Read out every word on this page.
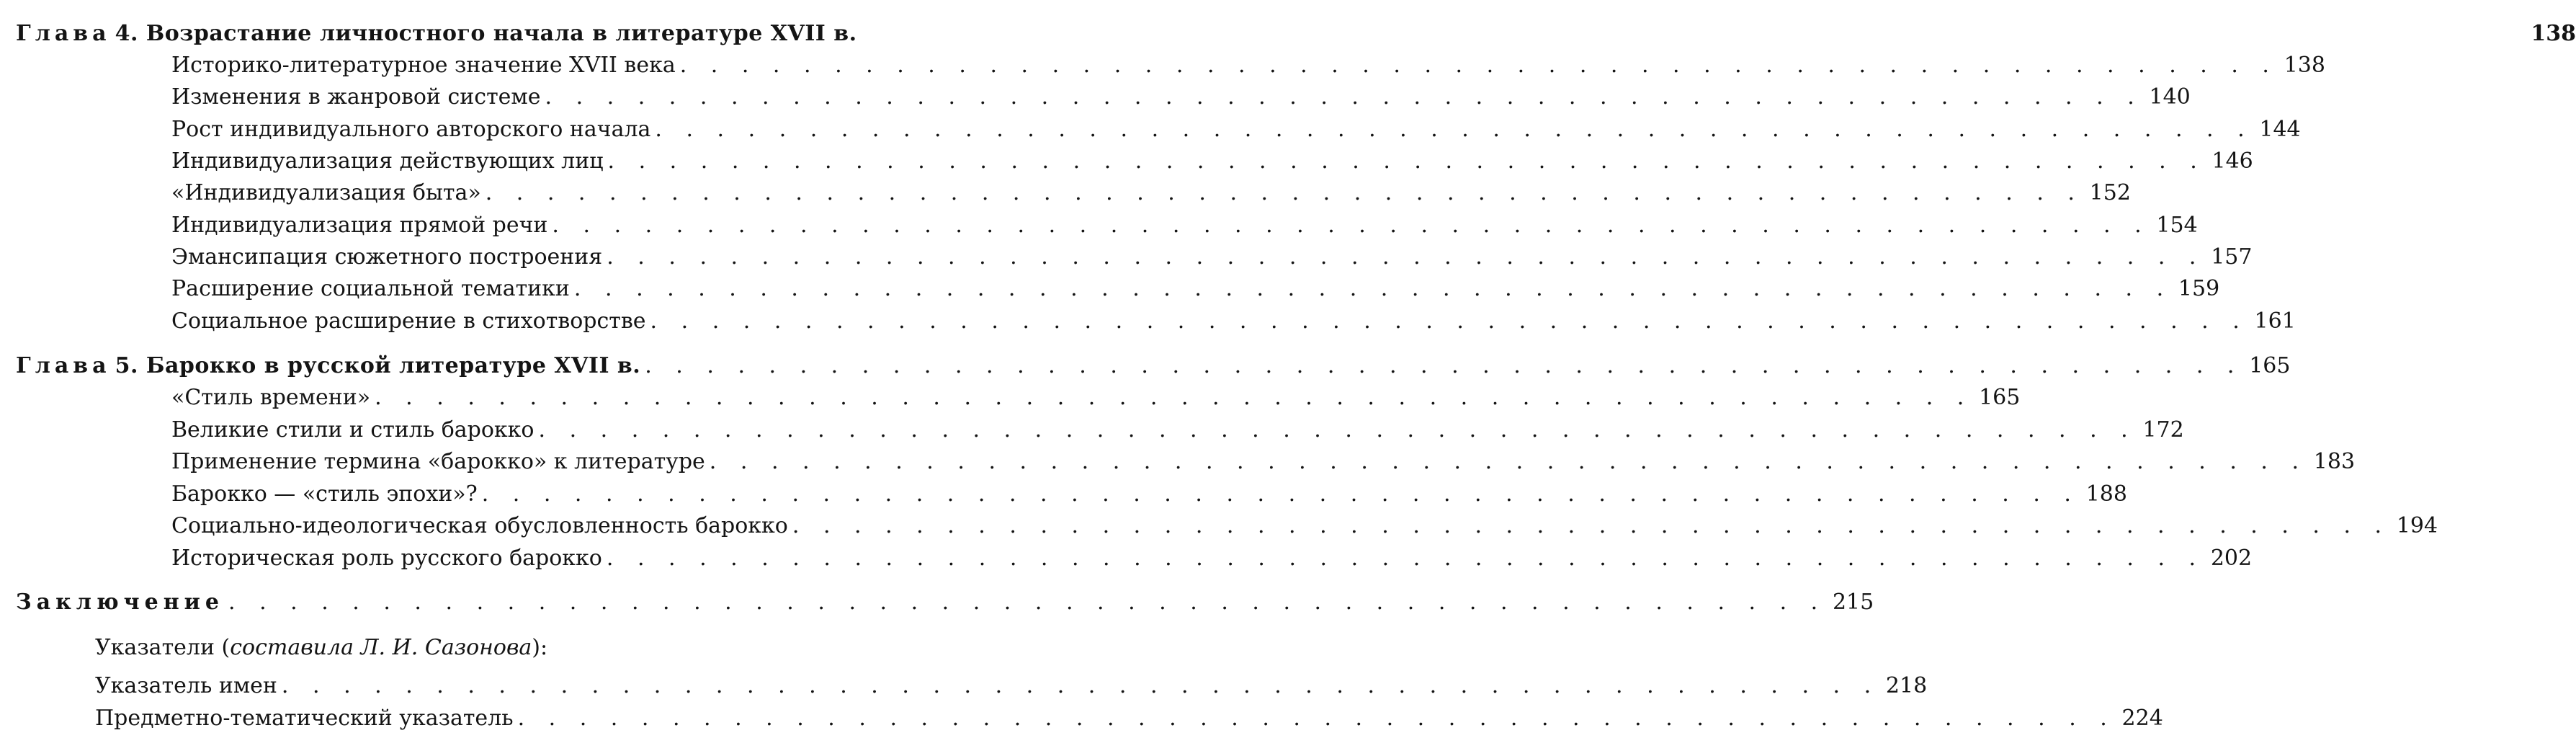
Глава 4. Возрастание личностного начала в литературе XVII в.	138
Историко-литературное значение XVII века . . .	138
Изменения в жанровой системе . . .	140
Рост индивидуального авторского начала . . .	144
Индивидуализация действующих лиц . . .	146
«Индивидуализация быта» . . .	152
Индивидуализация прямой речи . . .	154
Эмансипация сюжетного построения . . .	157
Расширение социальной тематики . . .	159
Социальное расширение в стихотворстве . . .	161
Глава 5. Барокко в русской литературе XVII в. . . .	165
«Стиль времени» . . .	165
Великие стили и стиль барокко . . .	172
Применение термина «барокко» к литературе . . .	183
Барокко — «стиль эпохи»? . . .	188
Социально-идеологическая обусловленность барокко . . .	194
Историческая роль русского барокко . . .	202
Заключение . . .	215
Указатели (составила Л. И. Сазонова):
Указатель имен . . .	218
Предметно-тематический указатель . . .	224
